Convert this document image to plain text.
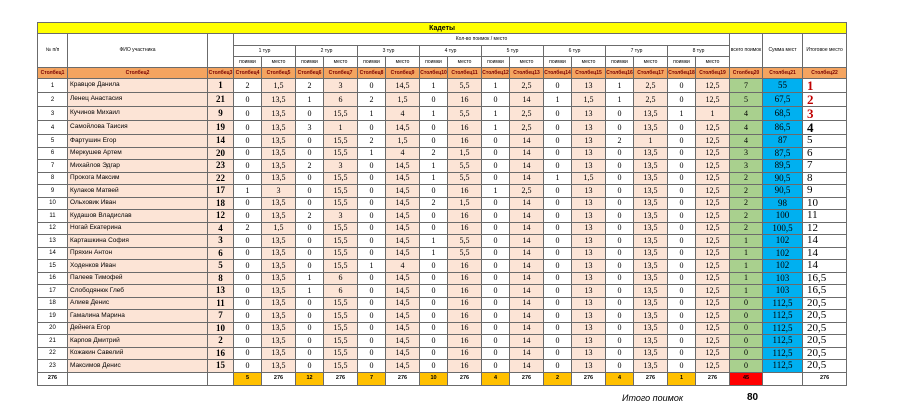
Кадеты																					
№ п/п	ФИО участника		Кол-во поимок / место																всего поимок	Сумма мест	Итоговое место
			1 тур		2 тур		3 тур		4 тур		5 тур		6 тур		7 тур		8 тур				
			поимки	место	поимки	место	поимки	место	поимки	место	поимки	место	поимки	место	поимки	место	поимки	место			
Столбец1	Столбец2	Столбец3	Столбец4	Столбец5	Столбец6	Столбец7	Столбец8	Столбец9	Столбец10	Столбец11	Столбец12	Столбец13	Столбец14	Столбец15	Столбец16	Столбец17	Столбец18	Столбец19	Столбец20	Столбец21	Столбец22
1	Кравцов Данила	1	2	1,5	2	3	0	14,5	1	5,5	1	2,5	0	13	1	2,5	0	12,5	7	55	1
2	Ленец Анастасия	21	0	13,5	1	6	2	1,5	0	16	0	14	1	1,5	1	2,5	0	12,5	5	67,5	2
3	Кучинов Михаил	9	0	13,5	0	15,5	1	4	1	5,5	1	2,5	0	13	0	13,5	1	1	4	68,5	3
4	Самойлова Таисия	19	0	13,5	3	1	0	14,5	0	16	1	2,5	0	13	0	13,5	0	12,5	4	86,5	4
5	Фартушин Егор	14	0	13,5	0	15,5	2	1,5	0	16	0	14	0	13	2	1	0	12,5	4	87	5
6	Меркушев Артем	20	0	13,5	0	15,5	1	4	2	1,5	0	14	0	13	0	13,5	0	12,5	3	87,5	6
7	Михайлов Эдгар	23	0	13,5	2	3	0	14,5	1	5,5	0	14	0	13	0	13,5	0	12,5	3	89,5	7
8	Прокога Максим	22	0	13,5	0	15,5	0	14,5	1	5,5	0	14	1	1,5	0	13,5	0	12,5	2	90,5	8
9	Кулаков Матвей	17	1	3	0	15,5	0	14,5	0	16	1	2,5	0	13	0	13,5	0	12,5	2	90,5	9
10	Ольховик Иван	18	0	13,5	0	15,5	0	14,5	2	1,5	0	14	0	13	0	13,5	0	12,5	2	98	10
11	Кудашов Владислав	12	0	13,5	2	3	0	14,5	0	16	0	14	0	13	0	13,5	0	12,5	2	100	11
12	Ногай Екатерина	4	2	1,5	0	15,5	0	14,5	0	16	0	14	0	13	0	13,5	0	12,5	2	100,5	12
13	Карташкина София	3	0	13,5	0	15,5	0	14,5	1	5,5	0	14	0	13	0	13,5	0	12,5	1	102	14
14	Пряхин Антон	6	0	13,5	0	15,5	0	14,5	1	5,5	0	14	0	13	0	13,5	0	12,5	1	102	14
15	Ходенков Иван	5	0	13,5	0	15,5	1	4	0	16	0	14	0	13	0	13,5	0	12,5	1	102	14
16	Палеев Тимофей	8	0	13,5	1	6	0	14,5	0	16	0	14	0	13	0	13,5	0	12,5	1	103	16,5
17	Слободянюк Глеб	13	0	13,5	1	6	0	14,5	0	16	0	14	0	13	0	13,5	0	12,5	1	103	16,5
18	Алиев Денис	11	0	13,5	0	15,5	0	14,5	0	16	0	14	0	13	0	13,5	0	12,5	0	112,5	20,5
19	Гамалина Марина	7	0	13,5	0	15,5	0	14,5	0	16	0	14	0	13	0	13,5	0	12,5	0	112,5	20,5
20	Дейнега Егор	10	0	13,5	0	15,5	0	14,5	0	16	0	14	0	13	0	13,5	0	12,5	0	112,5	20,5
21	Карпов Дмитрий	2	0	13,5	0	15,5	0	14,5	0	16	0	14	0	13	0	13,5	0	12,5	0	112,5	20,5
22	Кожакин Савелий	16	0	13,5	0	15,5	0	14,5	0	16	0	14	0	13	0	13,5	0	12,5	0	112,5	20,5
23	Максимов Денис	15	0	13,5	0	15,5	0	14,5	0	16	0	14	0	13	0	13,5	0	12,5	0	112,5	20,5
276			5	276	12	276	7	276	10	276	4	276	2	276	4	276	1	276	45		276
Итого поимок	80
